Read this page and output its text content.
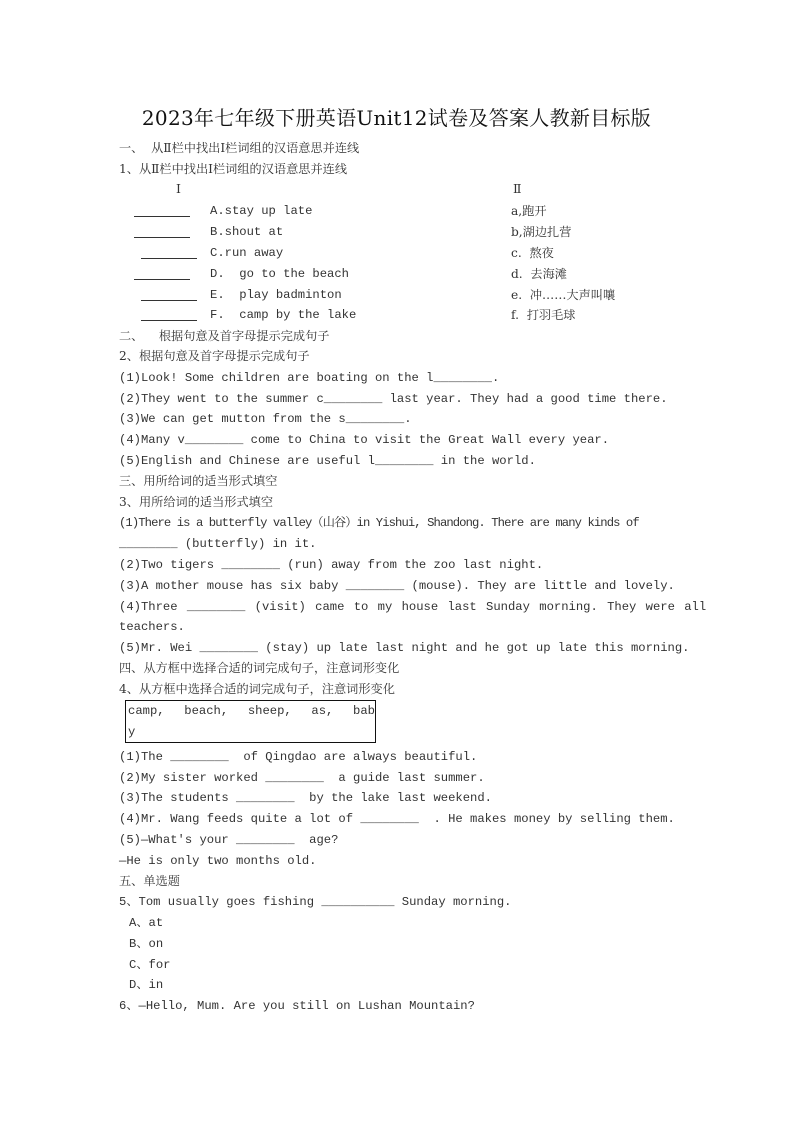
2023年七年级下册英语Unit12试卷及答案人教新目标版
一、  从Ⅱ栏中找出Ⅰ栏词组的汉语意思并连线
1、从Ⅱ栏中找出Ⅰ栏词组的汉语意思并连线
Ⅰ	Ⅱ
A.stay up late
B.shout at
C.run away
D.  go to the beach
E.  play badminton
F.  camp by the lake
a,跑开
b,湖边扎营
c.  熬夜
d.  去海滩
e.  冲……大声叫嚷
f.  打羽毛球
二、    根据句意及首字母提示完成句子
2、根据句意及首字母提示完成句子
(1)Look! Some children are boating on the l________.
(2)They went to the summer c________ last year. They had a good time there.
(3)We can get mutton from the s________.
(4)Many v________ come to China to visit the Great Wall every year.
(5)English and Chinese are useful l________ in the world.
三、用所给词的适当形式填空
3、用所给词的适当形式填空
(1)There is a butterfly valley（山谷）in Yishui, Shandong. There are many kinds of
________ (butterfly) in it.
(2)Two tigers ________ (run) away from the zoo last night.
(3)A mother mouse has six baby ________ (mouse). They are little and lovely.
(4)Three ________ (visit) came to my house last Sunday morning. They were all
teachers.
(5)Mr. Wei ________ (stay) up late last night and he got up late this morning.
四、从方框中选择合适的词完成句子，注意词形变化
4、从方框中选择合适的词完成句子，注意词形变化
camp, beach, sheep, as, bab
y
(1)The ________  of Qingdao are always beautiful.
(2)My sister worked ________  a guide last summer.
(3)The students ________  by the lake last weekend.
(4)Mr. Wang feeds quite a lot of ________  . He makes money by selling them.
(5)—What's your ________  age?
—He is only two months old.
五、单选题
5、Tom usually goes fishing __________ Sunday morning.
A、at
B、on
C、for
D、in
6、—Hello, Mum. Are you still on Lushan Mountain?
